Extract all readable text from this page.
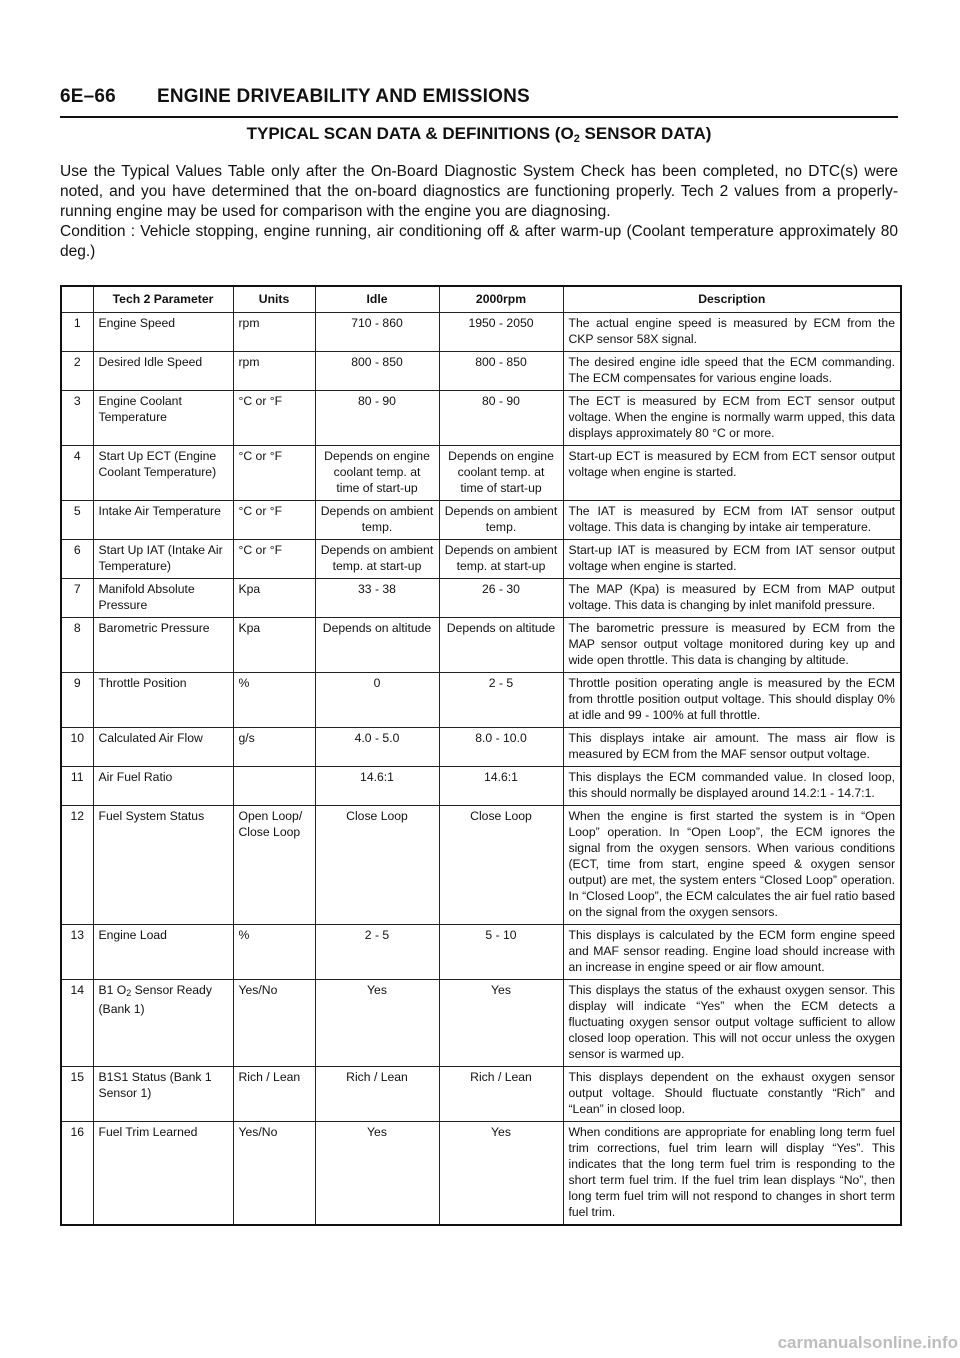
6E–66 ENGINE DRIVEABILITY AND EMISSIONS
TYPICAL SCAN DATA & DEFINITIONS ($O_2$ SENSOR DATA)

Use the Typical Values Table only after the On-Board Diagnostic System Check has been completed, no DTC(s) were noted, and you have determined that the on-board diagnostics are functioning properly. Tech 2 values from a properly-running engine may be used for comparison with the engine you are diagnosing.

Condition : Vehicle stopping, engine running, air conditioning off & after warm-up (Coolant temperature approximately 80 deg.)

	Tech 2 Parameter	Units	Idle	2000rpm	Description
1	Engine Speed	rpm	710 - 860	1950 - 2050	The actual engine speed is measured by ECM from the CKP sensor 58X signal.
2	Desired Idle Speed	rpm	800 - 850	800 - 850	The desired engine idle speed that the ECM commanding. The ECM compensates for various engine loads.
3	Engine Coolant Temperature	°C or °F	80 - 90	80 - 90	The ECT is measured by ECM from ECT sensor output voltage. When the engine is normally warm upped, this data displays approximately 80 °C or more.
4	Start Up ECT (Engine Coolant Temperature)	°C or °F	Depends on engine coolant temp. at time of start-up	Depends on engine coolant temp. at time of start-up	Start-up ECT is measured by ECM from ECT sensor output voltage when engine is started.
5	Intake Air Temperature	°C or °F	Depends on ambient temp.	Depends on ambient temp.	The IAT is measured by ECM from IAT sensor output voltage. This data is changing by intake air temperature.
6	Start Up IAT (Intake Air Temperature)	°C or °F	Depends on ambient temp. at start-up	Depends on ambient temp. at start-up	Start-up IAT is measured by ECM from IAT sensor output voltage when engine is started.
7	Manifold Absolute Pressure	Kpa	33 - 38	26 - 30	The MAP (Kpa) is measured by ECM from MAP output voltage. This data is changing by inlet manifold pressure.
8	Barometric Pressure	Kpa	Depends on altitude	Depends on altitude	The barometric pressure is measured by ECM from the MAP sensor output voltage monitored during key up and wide open throttle. This data is changing by altitude.
9	Throttle Position	%	0	2 - 5	Throttle position operating angle is measured by the ECM from throttle position output voltage. This should display 0% at idle and 99 - 100% at full throttle.
10	Calculated Air Flow	g/s	4.0 - 5.0	8.0 - 10.0	This displays intake air amount. The mass air flow is measured by ECM from the MAF sensor output voltage.
11	Air Fuel Ratio		14.6:1	14.6:1	This displays the ECM commanded value. In closed loop, this should normally be displayed around 14.2:1 - 14.7:1.
12	Fuel System Status	Open Loop/ Close Loop	Close Loop	Close Loop	When the engine is first started the system is in “Open Loop” operation. In “Open Loop”, the ECM ignores the signal from the oxygen sensors. When various conditions (ECT, time from start, engine speed & oxygen sensor output) are met, the system enters “Closed Loop” operation. In “Closed Loop”, the ECM calculates the air fuel ratio based on the signal from the oxygen sensors.
13	Engine Load	%	2 - 5	5 - 10	This displays is calculated by the ECM form engine speed and MAF sensor reading. Engine load should increase with an increase in engine speed or air flow amount.
14	B1 $O_2$ Sensor Ready (Bank 1)	Yes/No	Yes	Yes	This displays the status of the exhaust oxygen sensor. This display will indicate “Yes” when the ECM detects a fluctuating oxygen sensor output voltage sufficient to allow closed loop operation. This will not occur unless the oxygen sensor is warmed up.
15	B1S1 Status (Bank 1 Sensor 1)	Rich / Lean	Rich / Lean	Rich / Lean	This displays dependent on the exhaust oxygen sensor output voltage. Should fluctuate constantly “Rich” and “Lean” in closed loop.
16	Fuel Trim Learned	Yes/No	Yes	Yes	When conditions are appropriate for enabling long term fuel trim corrections, fuel trim learn will display “Yes”. This indicates that the long term fuel trim is responding to the short term fuel trim. If the fuel trim lean displays “No”, then long term fuel trim will not respond to changes in short term fuel trim.
carmanualsonline.info
